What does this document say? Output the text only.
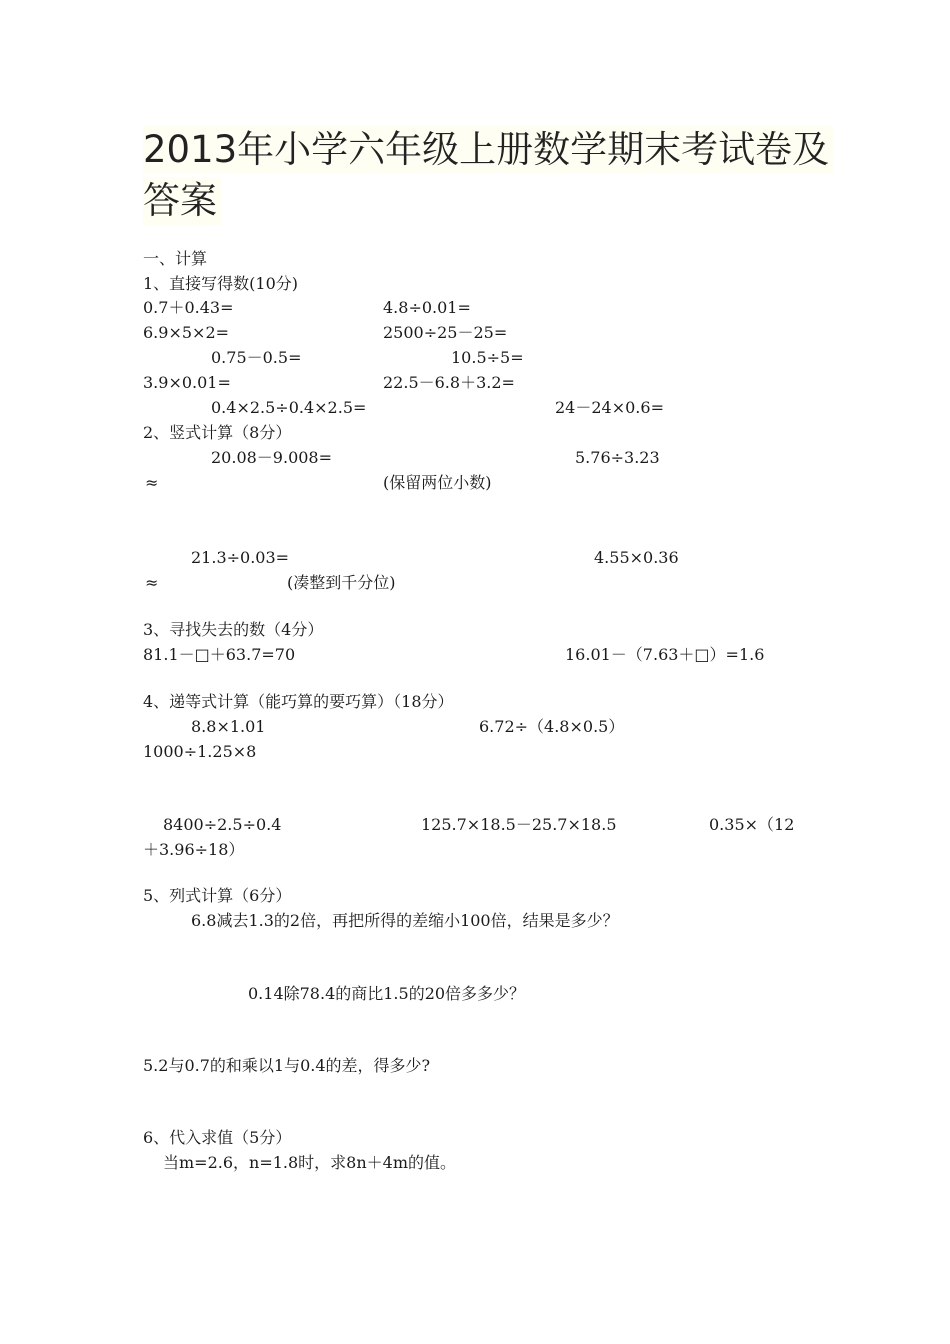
2013年小学六年级上册数学期末考试卷及
答案
一、计算
1、直接写得数(10分)
0.7＋0.43=	4.8÷0.01=
6.9×5×2=	2500÷25－25=
0.75－0.5=	10.5÷5=
3.9×0.01=	22.5－6.8＋3.2=
0.4×2.5÷0.4×2.5=	24－24×0.6=
2、竖式计算（8分）
20.08－9.008=	5.76÷3.23
≈	(保留两位小数)
21.3÷0.03=	4.55×0.36
≈	(凑整到千分位)
3、寻找失去的数（4分）
81.1－□＋63.7=70	16.01－（7.63＋□）=1.6
4、递等式计算（能巧算的要巧算）（18分）
8.8×1.01	6.72÷（4.8×0.5）
1000÷1.25×8
8400÷2.5÷0.4	125.7×18.5－25.7×18.5	0.35×（12
＋3.96÷18）
5、列式计算（6分）
6.8减去1.3的2倍，再把所得的差缩小100倍，结果是多少？
0.14除78.4的商比1.5的20倍多多少？
5.2与0.7的和乘以1与0.4的差，得多少?
6、代入求值（5分）
当m=2.6，n=1.8时，求8n＋4m的值。
